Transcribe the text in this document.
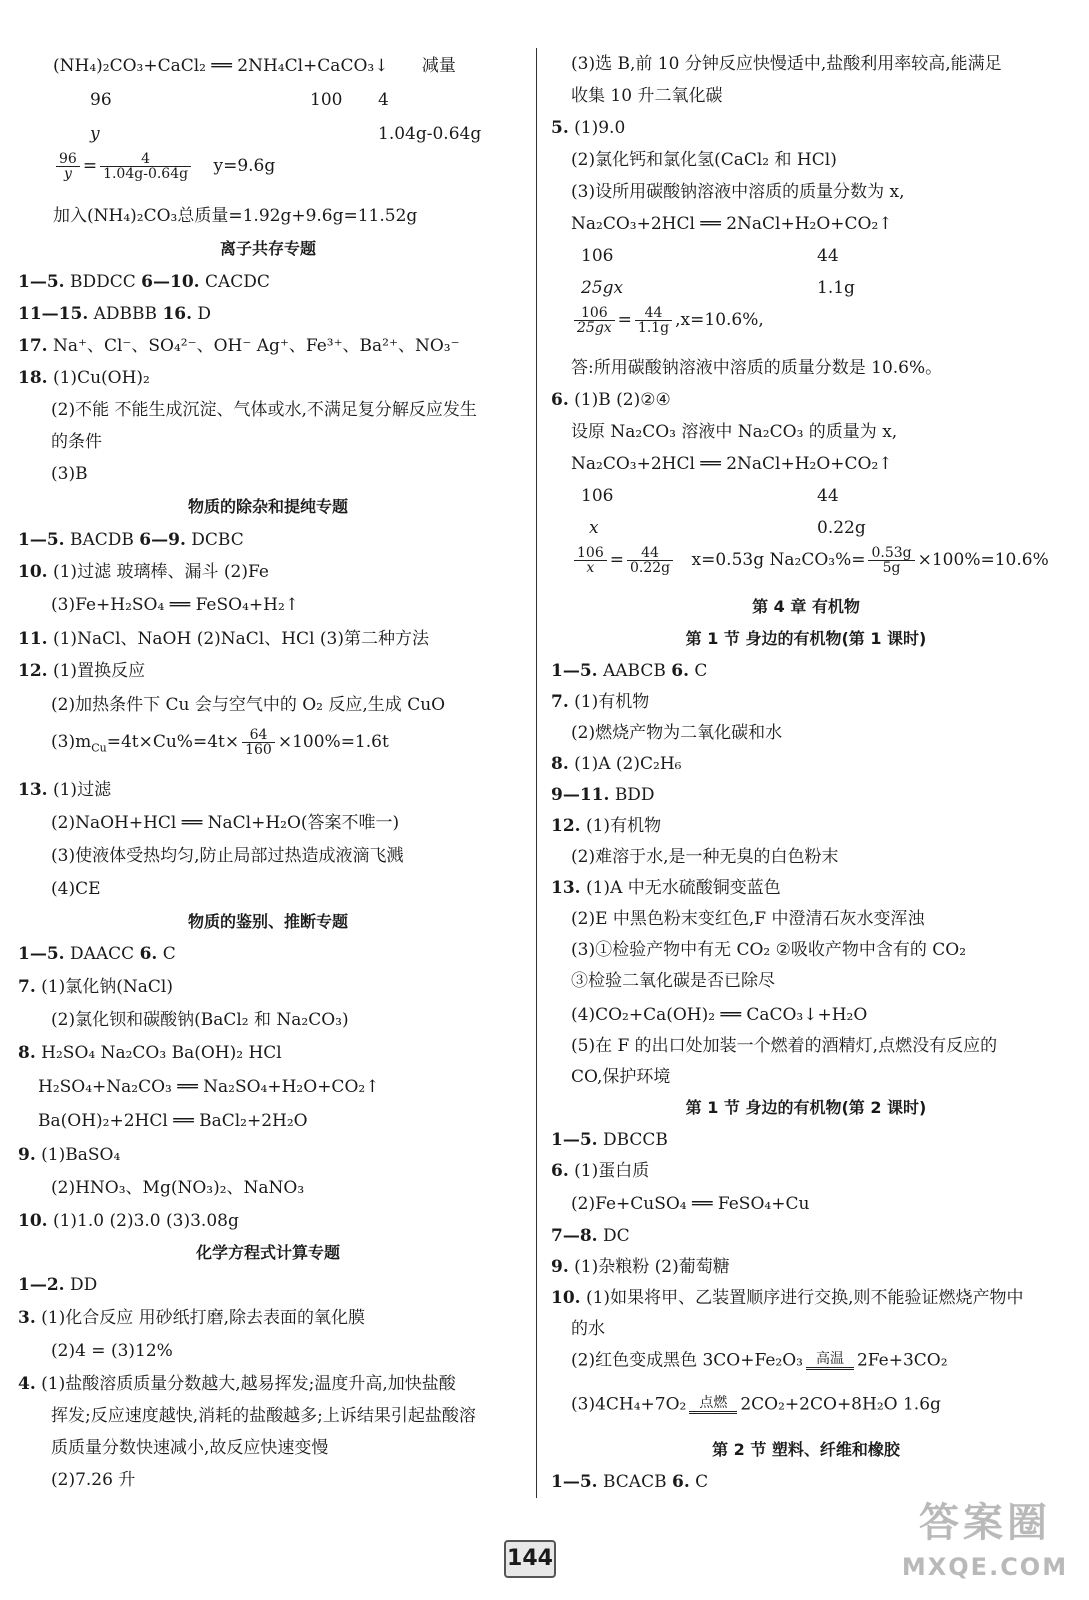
(NH₄)₂CO₃+CaCl₂ ══ 2NH₄Cl+CaCO₃↓ 减量
96	100 4
y	1.04g-0.64g
$\frac{96}{y} = \frac{4}{1.04g-0.64g} y=9.6g$
加入(NH₄)₂CO₃总质量=1.92g+9.6g=11.52g
离子共存专题
1—5. BDDCC 6—10. CACDC
11—15. ADBBB 16. D
17. Na⁺、Cl⁻、SO₄²⁻、OH⁻ Ag⁺、Fe³⁺、Ba²⁺、NO₃⁻
18. (1)Cu(OH)₂
(2)不能 不能生成沉淀、气体或水,不满足复分解反应发生
的条件
(3)B
物质的除杂和提纯专题
1—5. BACDB 6—9. DCBC
10. (1)过滤 玻璃棒、漏斗 (2)Fe
(3)Fe+H₂SO₄ ══ FeSO₄+H₂↑
11. (1)NaCl、NaOH (2)NaCl、HCl (3)第二种方法
12. (1)置换反应
(2)加热条件下 Cu 会与空气中的 O₂ 反应,生成 CuO
$(3)m_{Cu}=4t\times Cu\%=4t\times \frac{64}{160} \times 100\%=1.6t$
13. (1)过滤
(2)NaOH+HCl ══ NaCl+H₂O(答案不唯一)
(3)使液体受热均匀,防止局部过热造成液滴飞溅
(4)CE
物质的鉴别、推断专题
1—5. DAACC 6. C
7. (1)氯化钠(NaCl)
(2)氯化钡和碳酸钠(BaCl₂ 和 Na₂CO₃)
8. H₂SO₄ Na₂CO₃ Ba(OH)₂ HCl
H₂SO₄+Na₂CO₃ ══ Na₂SO₄+H₂O+CO₂↑
Ba(OH)₂+2HCl ══ BaCl₂+2H₂O
9. (1)BaSO₄
(2)HNO₃、Mg(NO₃)₂、NaNO₃
10. (1)1.0 (2)3.0 (3)3.08g
化学方程式计算专题
1—2. DD
3. (1)化合反应 用砂纸打磨,除去表面的氧化膜
(2)4 = (3)12%
4. (1)盐酸溶质质量分数越大,越易挥发;温度升高,加快盐酸
挥发;反应速度越快,消耗的盐酸越多;上诉结果引起盐酸溶
质质量分数快速减小,故反应快速变慢
(2)7.26 升
(3)选 B,前 10 分钟反应快慢适中,盐酸利用率较高,能满足
收集 10 升二氧化碳
5. (1)9.0
(2)氯化钙和氯化氢(CaCl₂ 和 HCl)
(3)设所用碳酸钠溶液中溶质的质量分数为 x,
Na₂CO₃+2HCl ══ 2NaCl+H₂O+CO₂↑
106	44
25gx	1.1g
$\frac{106}{25gx} = \frac{44}{1.1g} ,x=10.6\%$,
答:所用碳酸钠溶液中溶质的质量分数是 10.6%。
6. (1)B (2)②④
设原 Na₂CO₃ 溶液中 Na₂CO₃ 的质量为 x,
Na₂CO₃+2HCl ══ 2NaCl+H₂O+CO₂↑
106	44
x	0.22g
$\frac{106}{x} = \frac{44}{0.22g} x=0.53g$ $Na_2CO_3\%= \frac{0.53g}{5g} \times 100\%=10.6\%$
第 4 章 有机物
第 1 节 身边的有机物(第 1 课时)
1—5. AABCB 6. C
7. (1)有机物
(2)燃烧产物为二氧化碳和水
8. (1)A (2)C₂H₆
9—11. BDD
12. (1)有机物
(2)难溶于水,是一种无臭的白色粉末
13. (1)A 中无水硫酸铜变蓝色
(2)E 中黑色粉末变红色,F 中澄清石灰水变浑浊
(3)①检验产物中有无 CO₂ ②吸收产物中含有的 CO₂
③检验二氧化碳是否已除尽
(4)CO₂+Ca(OH)₂ ══ CaCO₃↓+H₂O
(5)在 F 的出口处加装一个燃着的酒精灯,点燃没有反应的
CO,保护环境
第 1 节 身边的有机物(第 2 课时)
1—5. DBCCB
6. (1)蛋白质
(2)Fe+CuSO₄ ══ FeSO₄+Cu
7—8. DC
9. (1)杂粮粉 (2)葡萄糖
10. (1)如果将甲、乙装置顺序进行交换,则不能验证燃烧产物中
的水
(2)红色变成黑色 3CO+Fe₂O₃ 高温 2Fe+3CO₂
(3)4CH₄+7O₂ 点燃 2CO₂+2CO+8H₂O 1.6g
第 2 节 塑料、纤维和橡胶
1—5. BCACB 6. C
144
答案圈
MXQE.COM
